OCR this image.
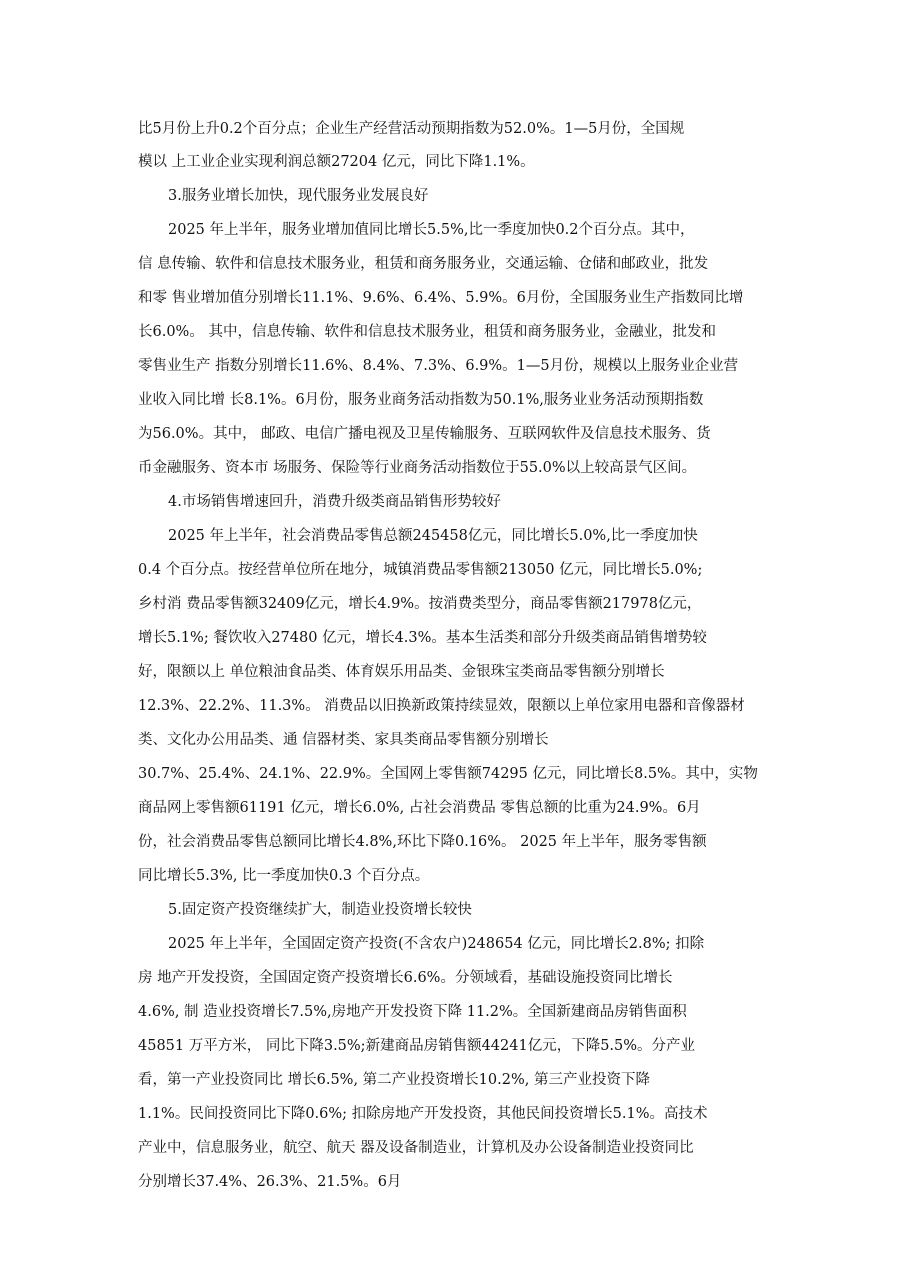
比5月份上升0.2个百分点；企业生产经营活动预期指数为52.0%。1—5月份，全国规
模以 上工业企业实现利润总额27204 亿元，同比下降1.1%。
3.服务业增长加快，现代服务业发展良好
2025 年上半年，服务业增加值同比增长5.5%,比一季度加快0.2个百分点。其中，
信 息传输、软件和信息技术服务业，租赁和商务服务业，交通运输、仓储和邮政业，批发
和零 售业增加值分别增长11.1%、9.6%、6.4%、5.9%。6月份，全国服务业生产指数同比增
长6.0%。 其中，信息传输、软件和信息技术服务业，租赁和商务服务业，金融业，批发和
零售业生产 指数分别增长11.6%、8.4%、7.3%、6.9%。1—5月份，规模以上服务业企业营
业收入同比增 长8.1%。6月份，服务业商务活动指数为50.1%,服务业业务活动预期指数
为56.0%。其中， 邮政、电信广播电视及卫星传输服务、互联网软件及信息技术服务、货
币金融服务、资本市 场服务、保险等行业商务活动指数位于55.0%以上较高景气区间。
4.市场销售增速回升，消费升级类商品销售形势较好
2025 年上半年，社会消费品零售总额245458亿元，同比增长5.0%,比一季度加快
0.4 个百分点。按经营单位所在地分，城镇消费品零售额213050 亿元，同比增长5.0%;
乡村消 费品零售额32409亿元，增长4.9%。按消费类型分，商品零售额217978亿元，
增长5.1%; 餐饮收入27480 亿元，增长4.3%。基本生活类和部分升级类商品销售增势较
好，限额以上 单位粮油食品类、体育娱乐用品类、金银珠宝类商品零售额分别增长
12.3%、22.2%、11.3%。 消费品以旧换新政策持续显效，限额以上单位家用电器和音像器材
类、文化办公用品类、通 信器材类、家具类商品零售额分别增长
30.7%、25.4%、24.1%、22.9%。全国网上零售额74295 亿元，同比增长8.5%。其中，实物
商品网上零售额61191 亿元，增长6.0%, 占社会消费品 零售总额的比重为24.9%。6月
份，社会消费品零售总额同比增长4.8%,环比下降0.16%。 2025 年上半年，服务零售额
同比增长5.3%, 比一季度加快0.3 个百分点。
5.固定资产投资继续扩大，制造业投资增长较快
2025 年上半年，全国固定资产投资(不含农户)248654 亿元，同比增长2.8%; 扣除
房 地产开发投资，全国固定资产投资增长6.6%。分领域看，基础设施投资同比增长
4.6%, 制 造业投资增长7.5%,房地产开发投资下降 11.2%。全国新建商品房销售面积
45851 万平方米， 同比下降3.5%;新建商品房销售额44241亿元，下降5.5%。分产业
看，第一产业投资同比 增长6.5%, 第二产业投资增长10.2%, 第三产业投资下降
1.1%。民间投资同比下降0.6%; 扣除房地产开发投资，其他民间投资增长5.1%。高技术
产业中，信息服务业，航空、航天 器及设备制造业，计算机及办公设备制造业投资同比
分别增长37.4%、26.3%、21.5%。6月
